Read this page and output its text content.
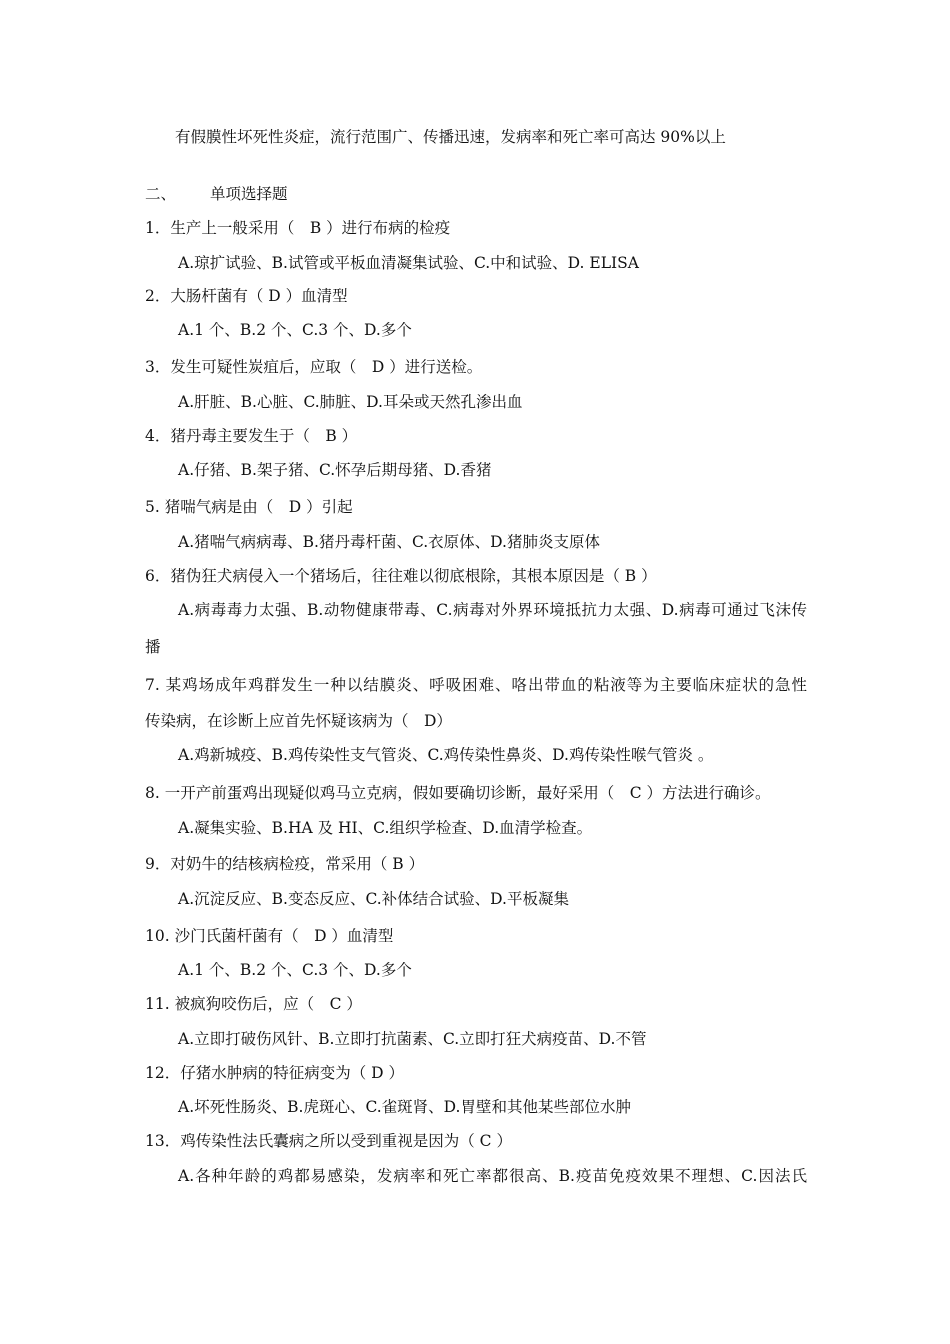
有假膜性坏死性炎症，流行范围广、传播迅速，发病率和死亡率可高达 90%以上
二、 单项选择题
1．生产上一般采用（　B ）进行布病的检疫
A.琼扩试验、B.试管或平板血清凝集试验、C.中和试验、D. ELISA
2．大肠杆菌有（ D ）血清型
A.1 个、B.2 个、C.3 个、D.多个
3．发生可疑性炭疽后，应取（　D ）进行送检。
A.肝脏、B.心脏、C.肺脏、D.耳朵或天然孔渗出血
4．猪丹毒主要发生于（　B ）
A.仔猪、B.架子猪、C.怀孕后期母猪、D.香猪
5. 猪喘气病是由（　D ）引起
A.猪喘气病病毒、B.猪丹毒杆菌、C.衣原体、D.猪肺炎支原体
6．猪伪狂犬病侵入一个猪场后，往往难以彻底根除，其根本原因是（ B ）
A.病毒毒力太强、B.动物健康带毒、C.病毒对外界环境抵抗力太强、D.病毒可通过飞沫传
播
7. 某鸡场成年鸡群发生一种以结膜炎、呼吸困难、咯出带血的粘液等为主要临床症状的急性
传染病，在诊断上应首先怀疑该病为（　D）
A.鸡新城疫、B.鸡传染性支气管炎、C.鸡传染性鼻炎、D.鸡传染性喉气管炎 。
8. 一开产前蛋鸡出现疑似鸡马立克病，假如要确切诊断，最好采用（　C ）方法进行确诊。
A.凝集实验、B.HA 及 HI、C.组织学检查、D.血清学检查。
9．对奶牛的结核病检疫，常采用（ B ）
A.沉淀反应、B.变态反应、C.补体结合试验、D.平板凝集
10. 沙门氏菌杆菌有（　D ）血清型
A.1 个、B.2 个、C.3 个、D.多个
11. 被疯狗咬伤后，应（　C ）
A.立即打破伤风针、B.立即打抗菌素、C.立即打狂犬病疫苗、D.不管
12．仔猪水肿病的特征病变为（ D ）
A.坏死性肠炎、B.虎斑心、C.雀斑肾、D.胃壁和其他某些部位水肿
13．鸡传染性法氏囊病之所以受到重视是因为（ C ）
A.各种年龄的鸡都易感染，发病率和死亡率都很高、B.疫苗免疫效果不理想、C.因法氏
